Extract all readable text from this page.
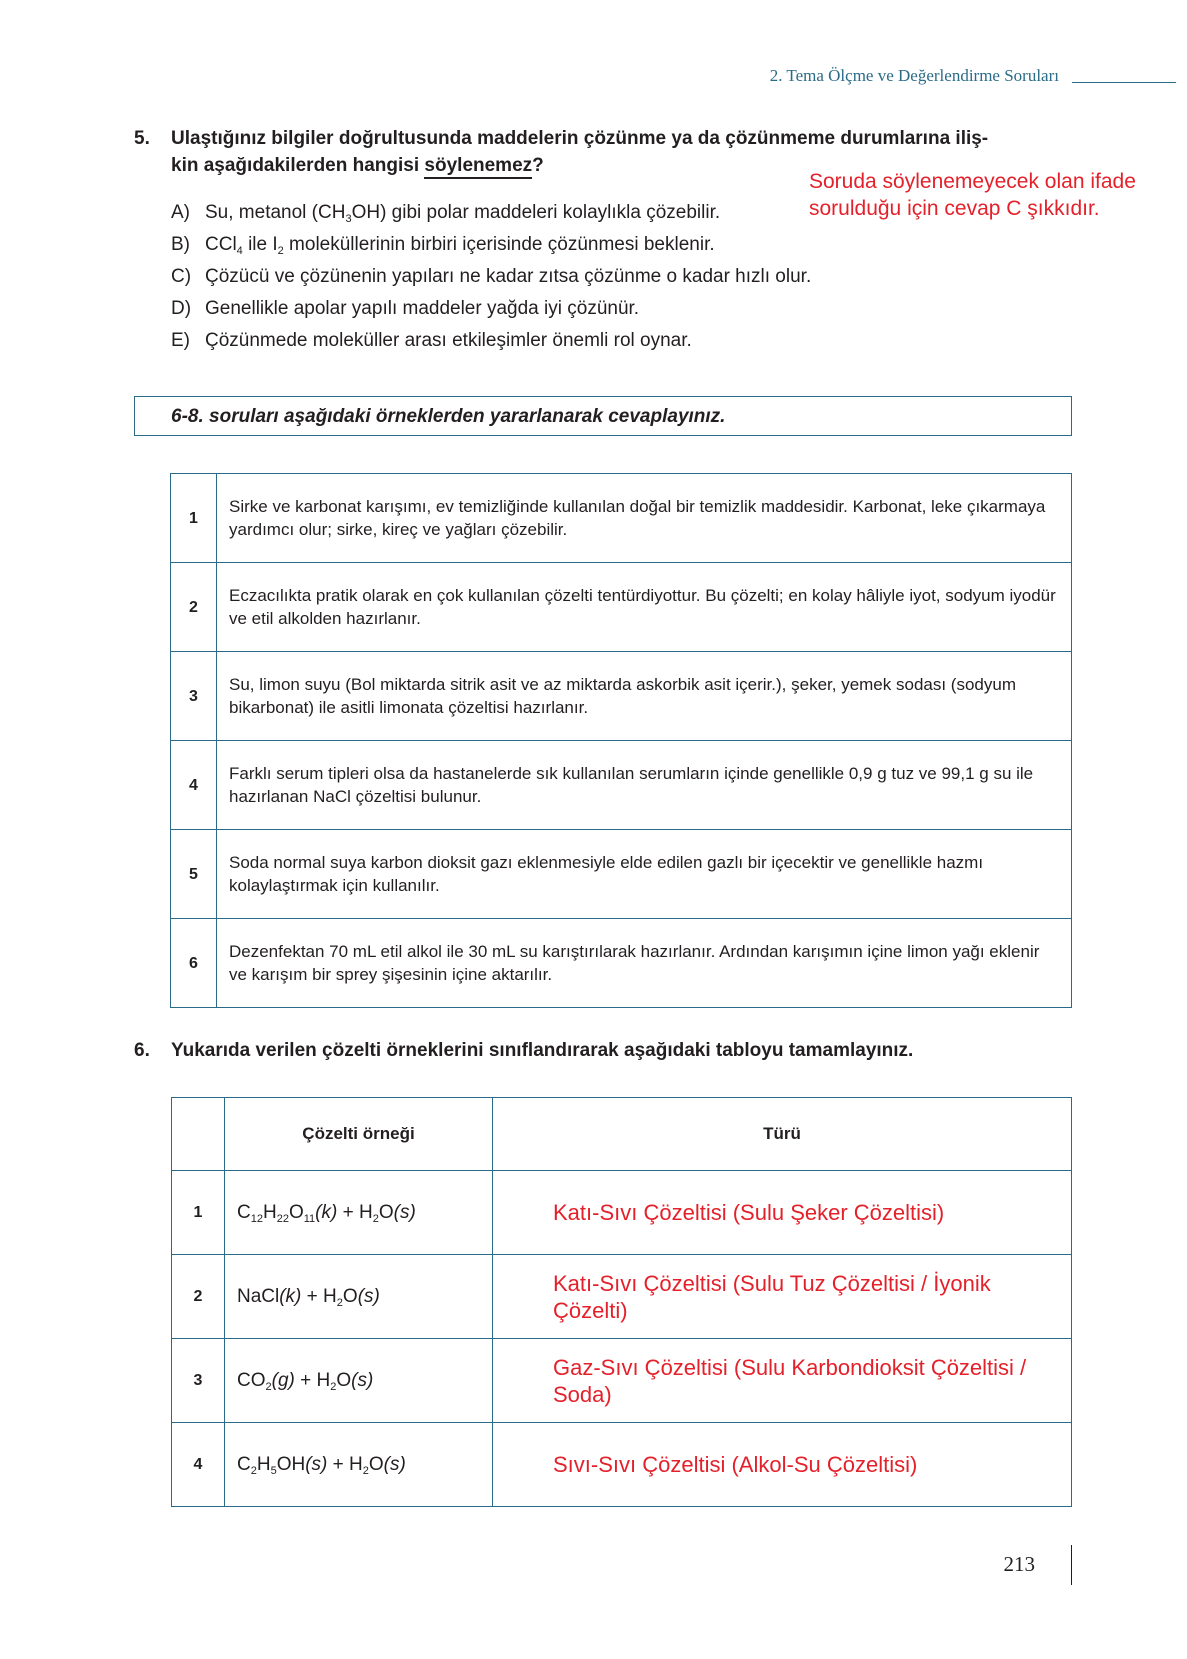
2. Tema Ölçme ve Değerlendirme Soruları
5. Ulaştığınız bilgiler doğrultusunda maddelerin çözünme ya da çözünmeme durumlarına iliş-
kin aşağıdakilerden hangisi söylenemez?
A) Su, metanol $(CH_3OH)$ gibi polar maddeleri kolaylıkla çözebilir.
B) CCl$_4$ ile $I_2$ moleküllerinin birbiri içerisinde çözünmesi beklenir.
C) Çözücü ve çözünenin yapıları ne kadar zıtsa çözünme o kadar hızlı olur.
D) Genellikle apolar yapılı maddeler yağda iyi çözünür.
E) Çözünmede moleküller arası etkileşimler önemli rol oynar.
Soruda söylenemeyecek olan ifade sorulduğu için cevap C şıkkıdır.
6-8. soruları aşağıdaki örneklerden yararlanarak cevaplayınız.
1	Sirke ve karbonat karışımı, ev temizliğinde kullanılan doğal bir temizlik maddesidir. Karbonat, leke çıkarmaya yardımcı olur; sirke, kireç ve yağları çözebilir.
2	Eczacılıkta pratik olarak en çok kullanılan çözelti tentürdiyottur. Bu çözelti; en kolay hâliyle iyot, sodyum iyodür ve etil alkolden hazırlanır.
3	Su, limon suyu (Bol miktarda sitrik asit ve az miktarda askorbik asit içerir.), şeker, yemek sodası (sodyum bikarbonat) ile asitli limonata çözeltisi hazırlanır.
4	Farklı serum tipleri olsa da hastanelerde sık kullanılan serumların içinde genellikle 0,9 g tuz ve 99,1 g su ile hazırlanan NaCl çözeltisi bulunur.
5	Soda normal suya karbon dioksit gazı eklenmesiyle elde edilen gazlı bir içecektir ve genellikle hazmı kolaylaştırmak için kullanılır.
6	Dezenfektan 70 mL etil alkol ile 30 mL su karıştırılarak hazırlanır. Ardından karışımın içine limon yağı eklenir ve karışım bir sprey şişesinin içine aktarılır.
6. Yukarıda verilen çözelti örneklerini sınıflandırarak aşağıdaki tabloyu tamamlayınız.
	Çözelti örneği	Türü
1	$C_{12}H_{22}O_{11}(k) + H_2O(s)$	Katı-Sıvı Çözeltisi (Sulu Şeker Çözeltisi)
2	NaCl(k) + $H_2O(s)$	Katı-Sıvı Çözeltisi (Sulu Tuz Çözeltisi / İyonik Çözelti)
3	$CO_2(g) + H_2O(s)$	Gaz-Sıvı Çözeltisi (Sulu Karbondioksit Çözeltisi / Soda)
4	$C_2H_5OH(s) + H_2O(s)$	Sıvı-Sıvı Çözeltisi (Alkol-Su Çözeltisi)
213
